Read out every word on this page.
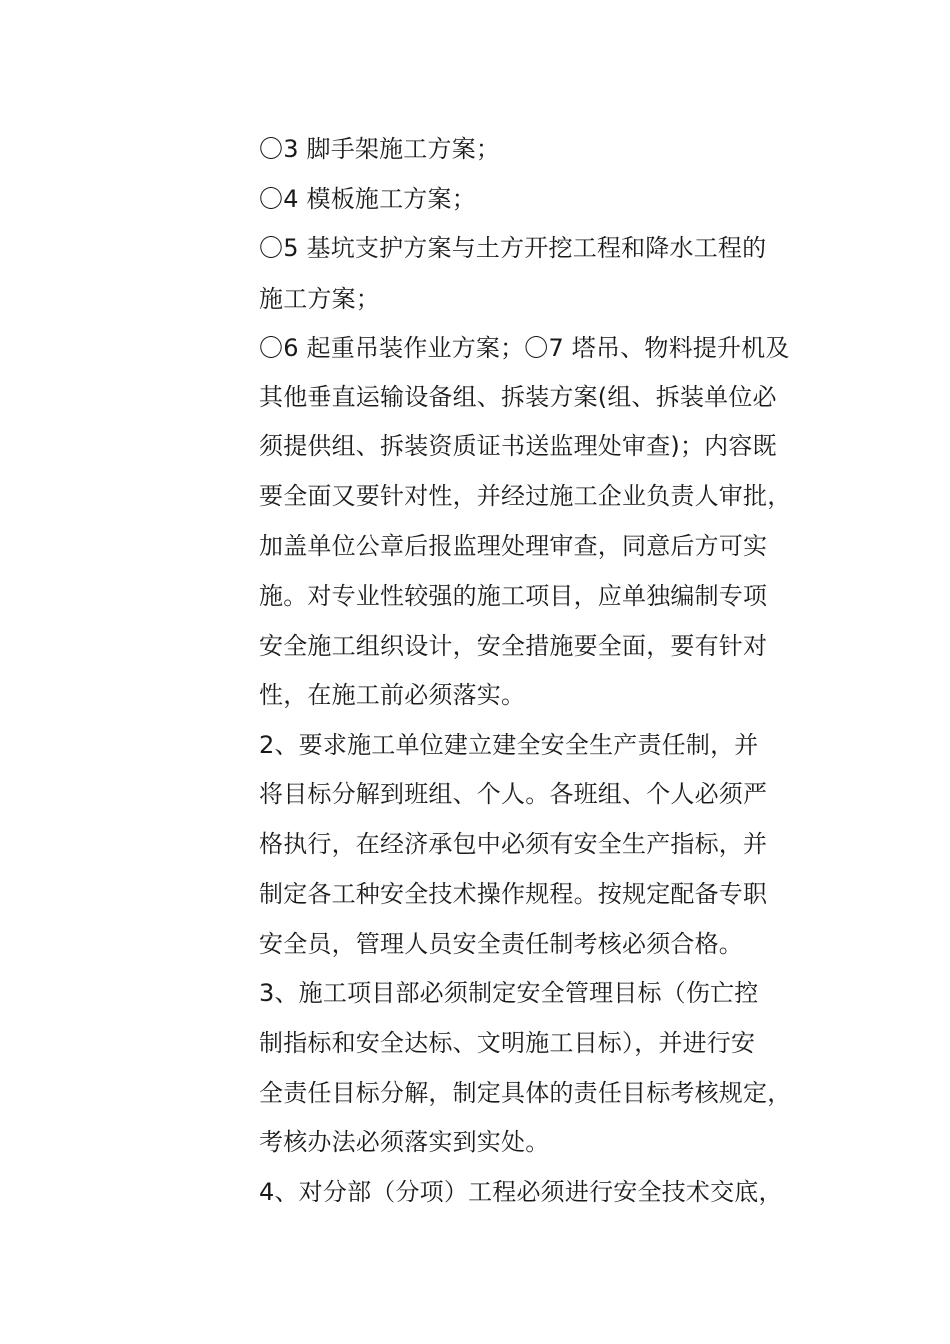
〇3 脚手架施工方案；
〇4 模板施工方案；
〇5 基坑支护方案与土方开挖工程和降水工程的
施工方案；
〇6 起重吊装作业方案；〇7 塔吊、物料提升机及
其他垂直运输设备组、拆装方案(组、拆装单位必
须提供组、拆装资质证书送监理处审查)；内容既
要全面又要针对性，并经过施工企业负责人审批，
加盖单位公章后报监理处理审查，同意后方可实
施。对专业性较强的施工项目，应单独编制专项
安全施工组织设计，安全措施要全面，要有针对
性，在施工前必须落实。
2、要求施工单位建立建全安全生产责任制，并
将目标分解到班组、个人。各班组、个人必须严
格执行，在经济承包中必须有安全生产指标，并
制定各工种安全技术操作规程。按规定配备专职
安全员，管理人员安全责任制考核必须合格。
3、施工项目部必须制定安全管理目标（伤亡控
制指标和安全达标、文明施工目标），并进行安
全责任目标分解，制定具体的责任目标考核规定，
考核办法必须落实到实处。
4、对分部（分项）工程必须进行安全技术交底，
